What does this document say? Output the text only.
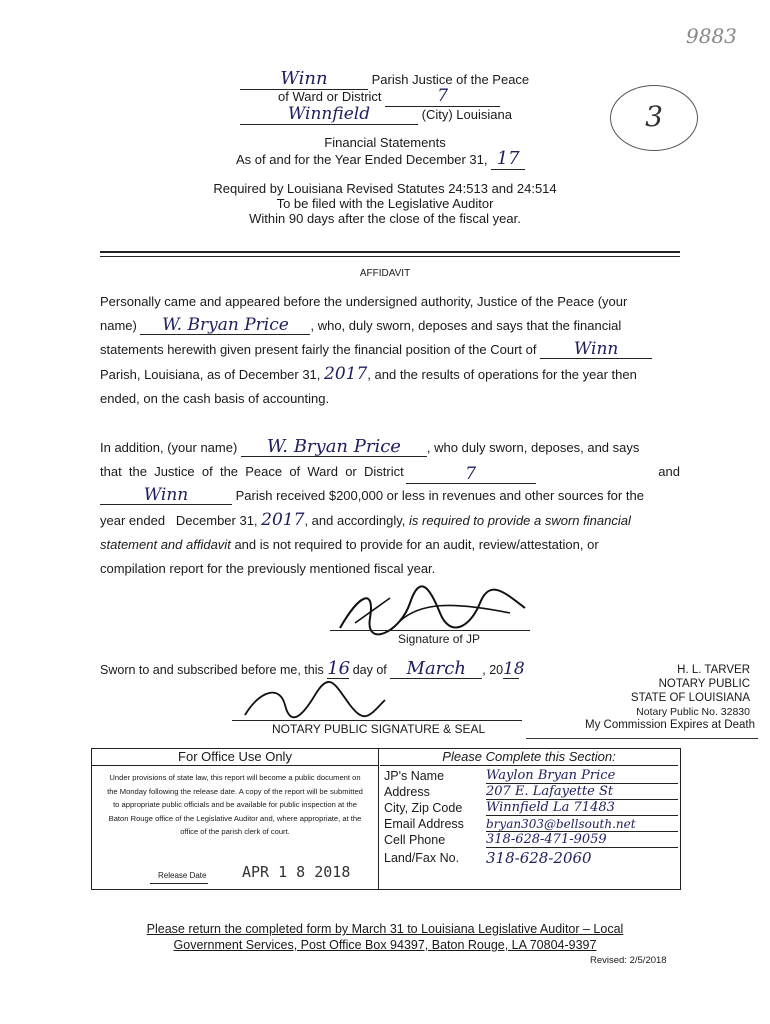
9883
3
Winn	Parish Justice of the Peace
of Ward or District	7
Winnfield	(City) Louisiana
Financial Statements
As of and for the Year Ended December 31, 17
Required by Louisiana Revised Statutes 24:513 and 24:514
To be filed with the Legislative Auditor
Within 90 days after the close of the fiscal year.
AFFIDAVIT
Personally came and appeared before the undersigned authority, Justice of the Peace (your
name) W. Bryan Price , who, duly sworn, deposes and says that the financial
statements herewith given present fairly the financial position of the Court of Winn
Parish, Louisiana, as of December 31, 2017, and the results of operations for the year then
ended, on the cash basis of accounting.
In addition, (your name) W. Bryan Price , who duly sworn, deposes, and says
that  the  Justice  of  the  Peace  of  Ward  or  District	7	and
Winn	Parish received $200,000 or less in revenues and other sources for the
year ended   December 31, 2017, and accordingly, is required to provide a sworn financial
statement and affidavit and is not required to provide for an audit, review/attestation, or
compilation report for the previously mentioned fiscal year.
Signature of JP
Sworn to and subscribed before me, this 16 day of March , 2018
NOTARY PUBLIC SIGNATURE & SEAL
H. L. TARVER
NOTARY PUBLIC
STATE OF LOUISIANA
Notary Public No. 32830
My Commission Expires at Death
For Office Use Only
Under provisions of state law, this report will become a public document on the Monday following the release date. A copy of the report will be submitted to appropriate public officials and be available for public inspection at the Baton Rouge office of the Legislative Auditor and, where appropriate, at the office of the parish clerk of court.
Release Date APR 1 8 2018
Please Complete this Section:
JP's Name	Waylon Bryan Price
Address	207 E. Lafayette St
City, Zip Code	Winnfield La 71483
Email Address	bryan303@bellsouth.net
Cell Phone	318-628-471-9059
Land/Fax No.	318-628-2060
Please return the completed form by March 31 to Louisiana Legislative Auditor – Local
Government Services, Post Office Box 94397, Baton Rouge, LA 70804-9397
Revised: 2/5/2018
